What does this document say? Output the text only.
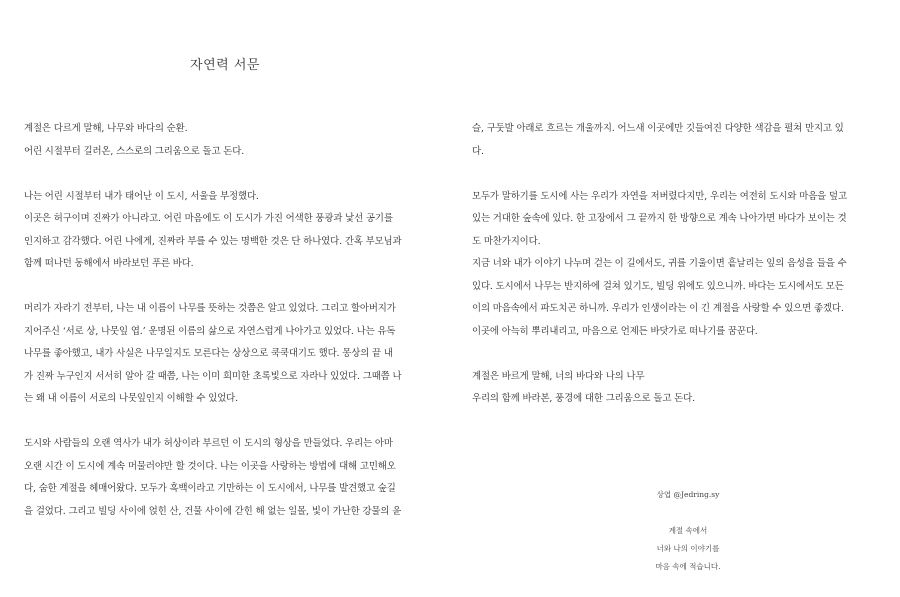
자연력 서문
계절은 다르게 말해, 나무와 바다의 순환.
어린 시절부터 길러온, 스스로의 그리움으로 돌고 돈다.
나는 어린 시절부터 내가 태어난 이 도시, 서울을 부정했다.
이곳은 허구이며 진짜가 아니라고. 어린 마음에도 이 도시가 가진 어색한 풍광과 낯선 공기를
인지하고 감각했다. 어린 나에게, 진짜라 부를 수 있는 명백한 것은 단 하나였다. 간혹 부모님과
함께 떠나던 동해에서 바라보던 푸른 바다.
머리가 자라기 전부터, 나는 내 이름이 나무를 뜻하는 것쯤은 알고 있었다. 그리고 할아버지가
지어주신 ‘서로 상, 나뭇잎 엽.’ 운명된 이름의 삶으로 자연스럽게 나아가고 있었다. 나는 유독
나무를 좋아했고, 내가 사실은 나무일지도 모른다는 상상으로 쿡쿡대기도 했다. 몽상의 끝 내
가 진짜 누구인지 서서히 알아 갈 때쯤, 나는 이미 희미한 초록빛으로 자라나 있었다. 그때쯤 나
는 왜 내 이름이 서로의 나뭇잎인지 이해할 수 있었다.
도시와 사람들의 오랜 역사가 내가 허상이라 부르던 이 도시의 형상을 만들었다. 우리는 아마
오랜 시간 이 도시에 계속 머물러야만 할 것이다. 나는 이곳을 사랑하는 방법에 대해 고민해오
다, 숨한 계절을 헤매어왔다. 모두가 흑백이라고 기만하는 이 도시에서, 나무를 발견했고 숲길
을 걸었다. 그리고 빌딩 사이에 얹힌 산, 건물 사이에 갇힌 해 없는 일몰, 빛이 가난한 강물의 윤
슬, 구둣발 아래로 흐르는 개울까지. 어느새 이곳에만 깃들여진 다양한 색감을 펼쳐 만지고 있
다.
모두가 말하기를 도시에 사는 우리가 자연을 저버렸다지만, 우리는 여전히 도시와 마음을 덮고
있는 거대한 숲속에 있다. 한 고장에서 그 끝까지 한 방향으로 계속 나아가면 바다가 보이는 것
도 마찬가지이다.
지금 너와 내가 이야기 나누며 걷는 이 길에서도, 귀를 기울이면 흩날리는 잎의 음성을 들을 수
있다. 도시에서 나무는 반지하에 걸쳐 있기도, 빌딩 위에도 있으니까. 바다는 도시에서도 모든
이의 마음속에서 파도치곤 하니까. 우리가 인생이라는 이 긴 계절을 사랑할 수 있으면 좋겠다.
이곳에 아늑히 뿌리내리고, 마음으로 언제든 바닷가로 떠나기를 꿈꾼다.
계절은 바르게 말해, 너의 바다와 나의 나무
우리의 함께 바라본, 풍경에 대한 그리움으로 돌고 돈다.
상엽 @Jedring.sy
계절 속에서
너와 나의 이야기를
마음 속에 적습니다.
